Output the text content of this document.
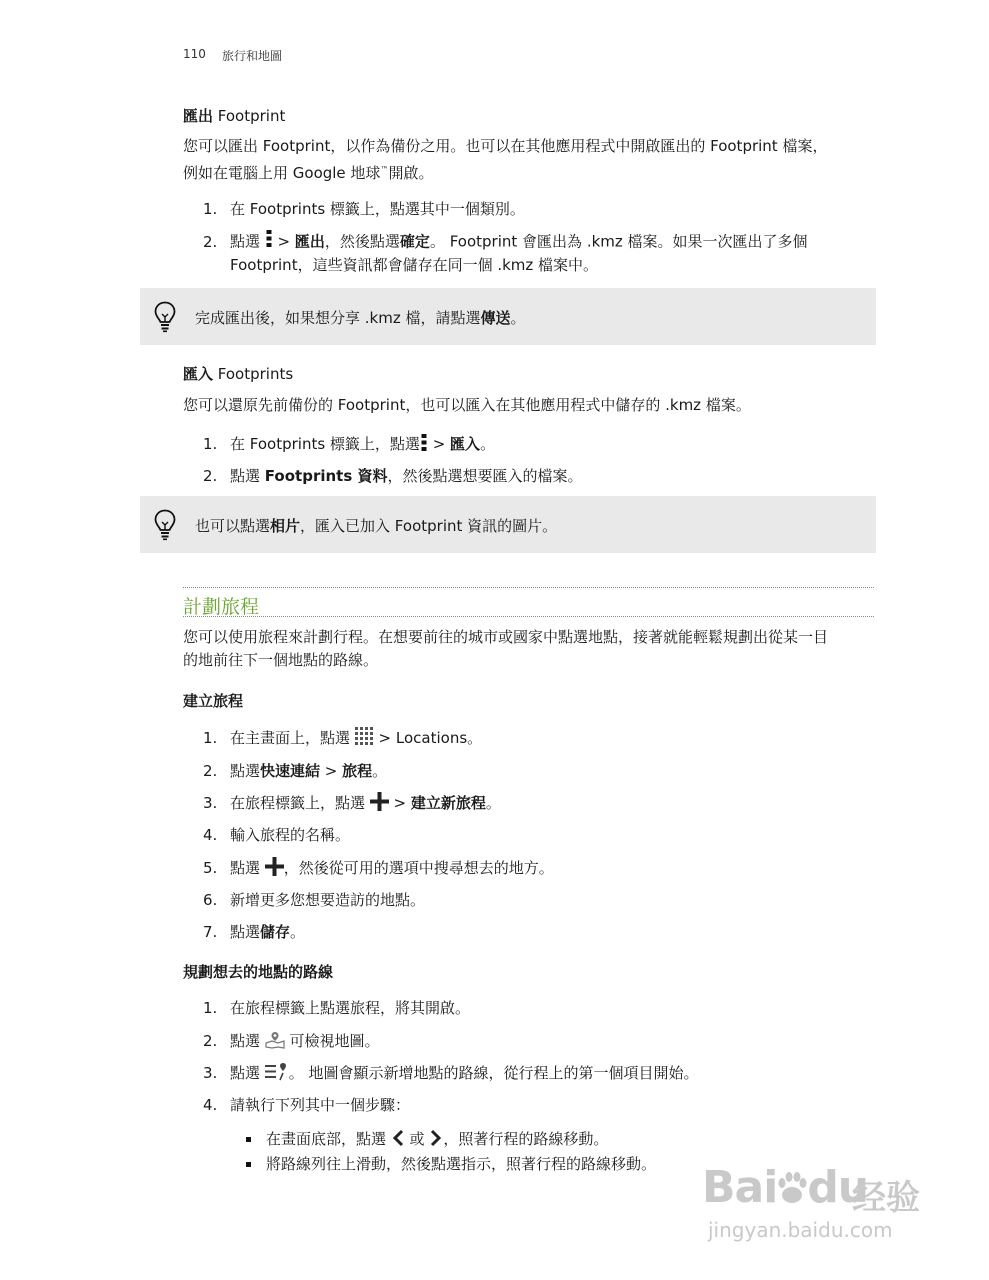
110 旅行和地圖
匯出 Footprint
您可以匯出 Footprint，以作為備份之用。也可以在其他應用程式中開啟匯出的 Footprint 檔案，
例如在電腦上用 Google 地球™開啟。
1. 在 Footprints 標籤上，點選其中一個類別。
2. 點選  > 匯出，然後點選確定。 Footprint 會匯出為 .kmz 檔案。如果一次匯出了多個
Footprint，這些資訊都會儲存在同一個 .kmz 檔案中。
完成匯出後，如果想分享 .kmz 檔，請點選傳送。
匯入 Footprints
您可以還原先前備份的 Footprint，也可以匯入在其他應用程式中儲存的 .kmz 檔案。
1. 在 Footprints 標籤上，點選 > 匯入。
2. 點選 Footprints 資料，然後點選想要匯入的檔案。
也可以點選相片，匯入已加入 Footprint 資訊的圖片。
計劃旅程
您可以使用旅程來計劃行程。在想要前往的城市或國家中點選地點，接著就能輕鬆規劃出從某一目
的地前往下一個地點的路線。
建立旅程
1. 在主畫面上，點選  > Locations。
2. 點選快速連結 > 旅程。
3. 在旅程標籤上，點選  > 建立新旅程。
4. 輸入旅程的名稱。
5. 點選 ，然後從可用的選項中搜尋想去的地方。
6. 新增更多您想要造訪的地點。
7. 點選儲存。
規劃想去的地點的路線
1. 在旅程標籤上點選旅程，將其開啟。
2. 點選  可檢視地圖。
3. 點選 。 地圖會顯示新增地點的路線，從行程上的第一個項目開始。
4. 請執行下列其中一個步驟：
在畫面底部，點選  或 ，照著行程的路線移動。
將路線列往上滑動，然後點選指示，照著行程的路線移動。 Bai du
经验
jingyan.baidu.com
